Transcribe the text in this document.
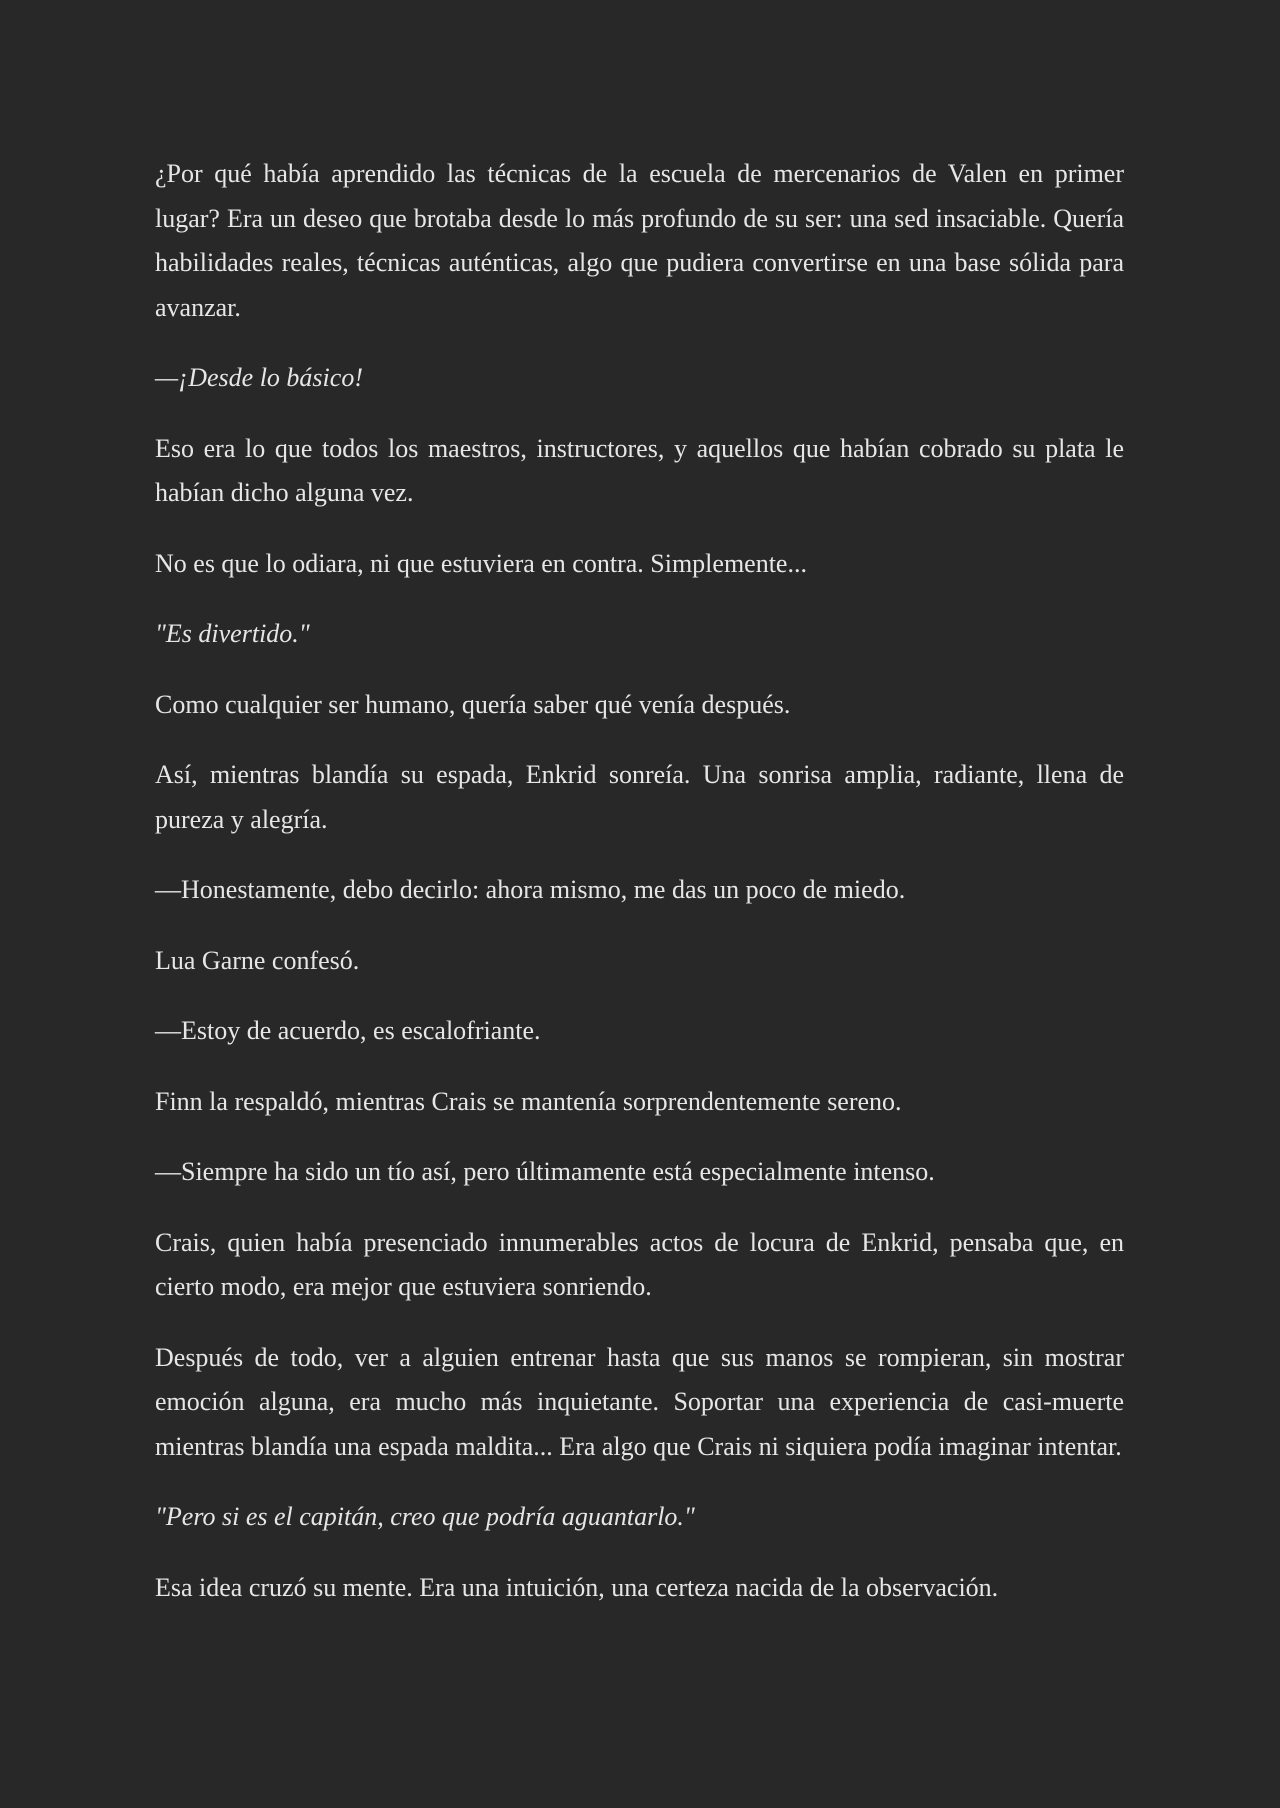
¿Por qué había aprendido las técnicas de la escuela de mercenarios de Valen en primer lugar? Era un deseo que brotaba desde lo más profundo de su ser: una sed insaciable. Quería habilidades reales, técnicas auténticas, algo que pudiera convertirse en una base sólida para avanzar.

—¡Desde lo básico!

Eso era lo que todos los maestros, instructores, y aquellos que habían cobrado su plata le habían dicho alguna vez.

No es que lo odiara, ni que estuviera en contra. Simplemente...

"Es divertido."

Como cualquier ser humano, quería saber qué venía después.

Así, mientras blandía su espada, Enkrid sonreía. Una sonrisa amplia, radiante, llena de pureza y alegría.

—Honestamente, debo decirlo: ahora mismo, me das un poco de miedo.

Lua Garne confesó.

—Estoy de acuerdo, es escalofriante.

Finn la respaldó, mientras Crais se mantenía sorprendentemente sereno.

—Siempre ha sido un tío así, pero últimamente está especialmente intenso.

Crais, quien había presenciado innumerables actos de locura de Enkrid, pensaba que, en cierto modo, era mejor que estuviera sonriendo.

Después de todo, ver a alguien entrenar hasta que sus manos se rompieran, sin mostrar emoción alguna, era mucho más inquietante. Soportar una experiencia de casi-muerte mientras blandía una espada maldita... Era algo que Crais ni siquiera podía imaginar intentar.

"Pero si es el capitán, creo que podría aguantarlo."

Esa idea cruzó su mente. Era una intuición, una certeza nacida de la observación.
